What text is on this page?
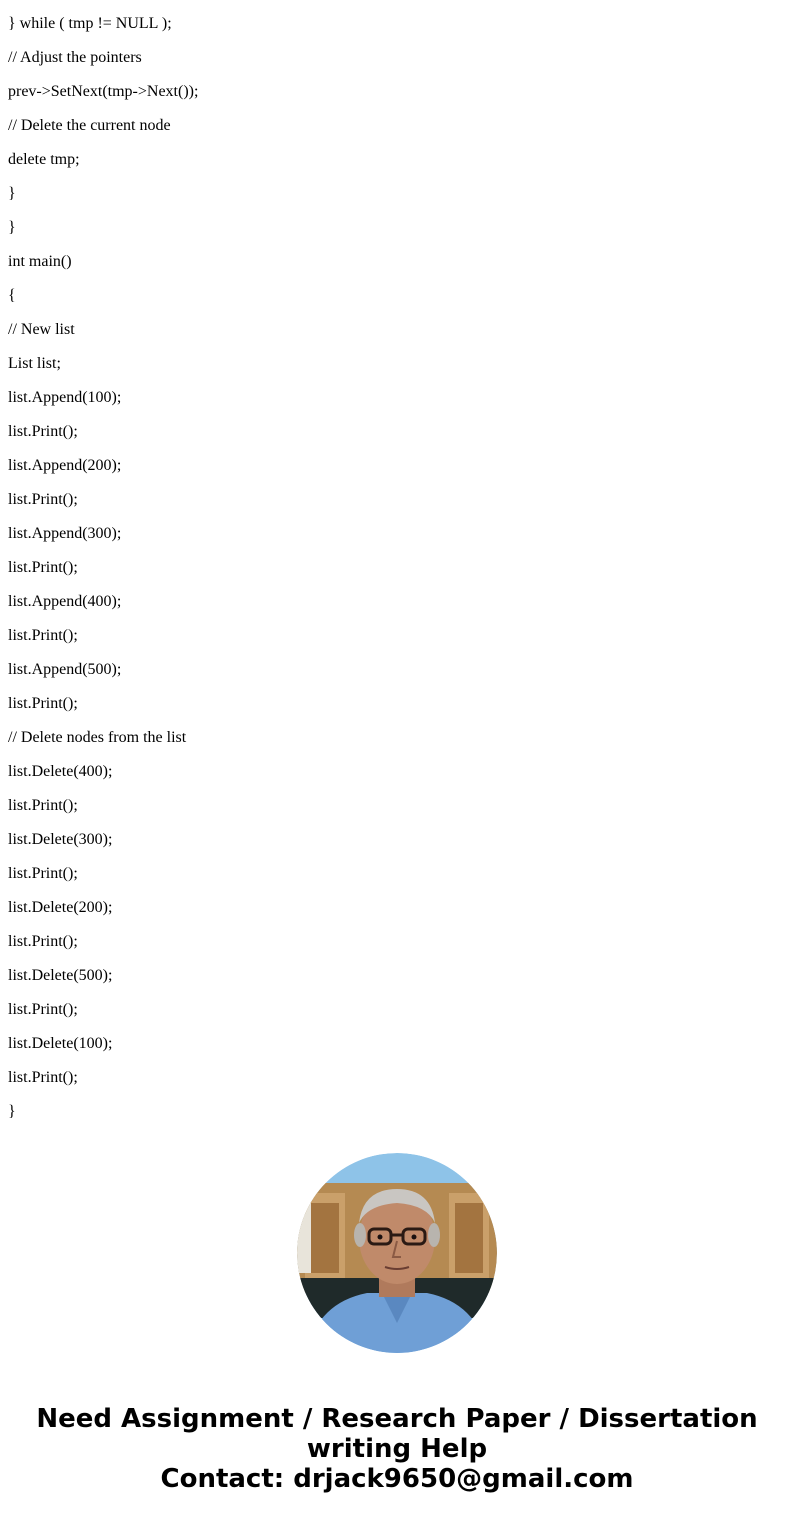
} while ( tmp != NULL );
// Adjust the pointers
prev->SetNext(tmp->Next());
// Delete the current node
delete tmp;
}
}
int main()
{
// New list
List list;
list.Append(100);
list.Print();
list.Append(200);
list.Print();
list.Append(300);
list.Print();
list.Append(400);
list.Print();
list.Append(500);
list.Print();
// Delete nodes from the list
list.Delete(400);
list.Print();
list.Delete(300);
list.Print();
list.Delete(200);
list.Print();
list.Delete(500);
list.Print();
list.Delete(100);
list.Print();
}
Need Assignment / Research Paper / Dissertation
writing Help
Contact: drjack9650@gmail.com
